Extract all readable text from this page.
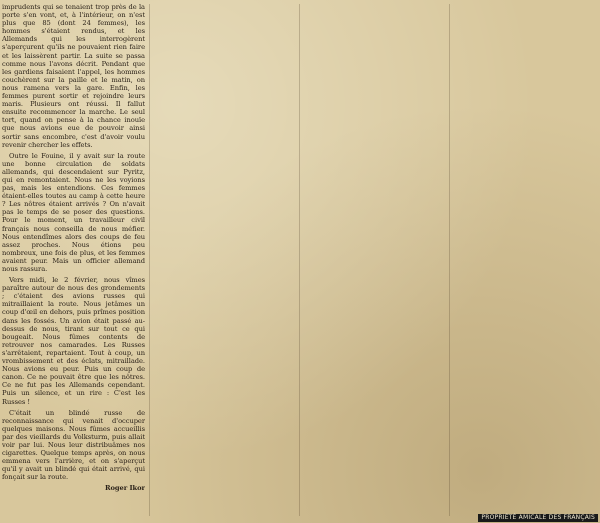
imprudents qui se tenaient trop près de la porte s'en vont, et, à l'intérieur, on n'est plus que 85 (dont 24 femmes), les hommes s'étaient rendus, et les Allemands qui les interrogèrent s'aperçurent qu'ils ne pouvaient rien faire et les laissèrent partir. La suite se passa comme nous l'avons décrit. Pendant que les gardiens faisaient l'appel, les hommes couchèrent sur la paille et le matin, on nous ramena vers la gare. Enfin, les femmes purent sortir et rejoindre leurs maris. Plusieurs ont réussi. Il fallut ensuite recommencer la marche. Le seul tort, quand on pense à la chance inouïe que nous avions eue de pouvoir ainsi sortir sans encombre, c'est d'avoir voulu revenir chercher les effets.

Outre le Fouine, il y avait sur la route une bonne circulation de soldats allemands, qui descendaient sur Pyritz, qui en remontaient. Nous ne les voyions pas, mais les entendions. Ces femmes étaient-elles toutes au camp à cette heure ? Les nôtres étaient arrivés ? On n'avait pas le temps de se poser des questions. Pour le moment, un travailleur civil français nous conseilla de nous méfier. Nous entendîmes alors des coups de feu assez proches. Nous étions peu nombreux, une fois de plus, et les femmes avaient peur. Mais un officier allemand nous rassura.

Vers midi, le 2 février, nous vîmes paraître autour de nous des grondements ; c'étaient des avions russes qui mitraillaient la route. Nous jetâmes un coup d'œil en dehors, puis prîmes position dans les fossés. Un avion était passé au-dessus de nous, tirant sur tout ce qui bougeait. Nous fûmes contents de retrouver nos camarades. Les Russes s'arrêtaient, repartaient. Tout à coup, un vrombissement et des éclats, mitraillade. Nous avions eu peur. Puis un coup de canon. Ce ne pouvait être que les nôtres. Ce ne fut pas les Allemands cependant. Puis un silence, et un rire : C'est les Russes !

C'était un blindé russe de reconnaissance qui venait d'occuper quelques maisons. Nous fûmes accueillis par des vieillards du Volksturm, puis allait voir par lui. Nous leur distribuâmes nos cigarettes. Quelque temps après, on nous emmena vers l'arrière, et on s'aperçut qu'il y avait un blindé qui était arrivé, qui fonçait sur la route.

Roger Ikor
PROPRIÉTÉ AMICALE DES FRANÇAIS
